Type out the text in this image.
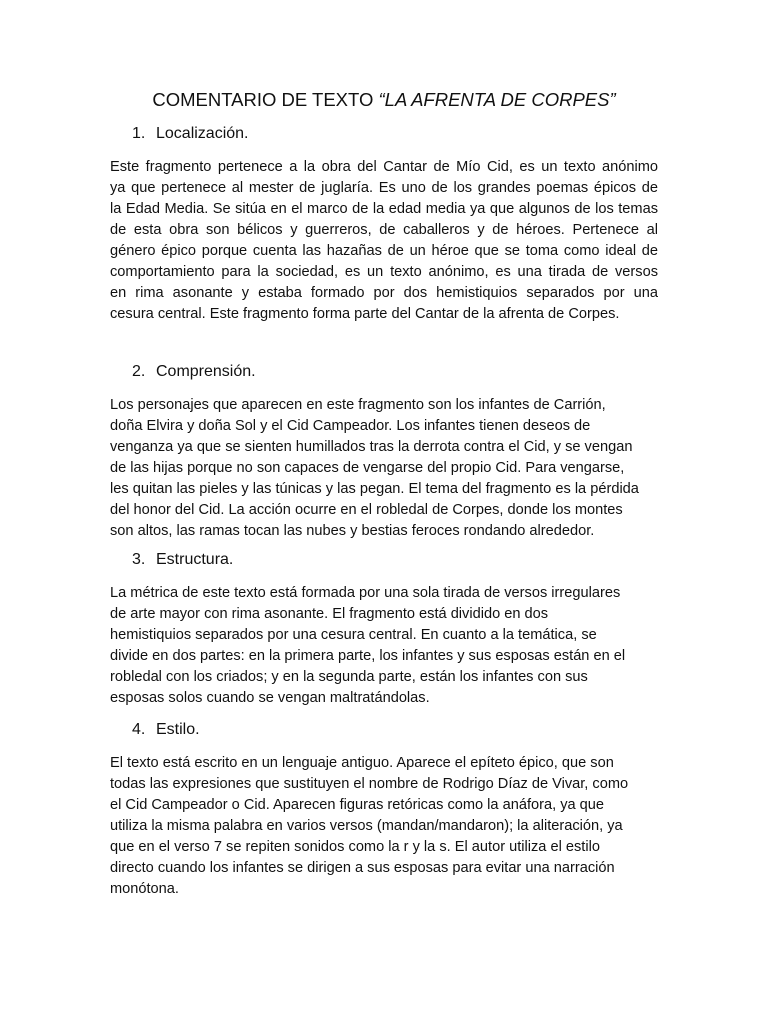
COMENTARIO DE TEXTO “LA AFRENTA DE CORPES”
1. Localización.
Este fragmento pertenece a la obra del Cantar de Mío Cid, es un texto anónimo
ya que pertenece al mester de juglaría. Es uno de los grandes poemas épicos de
la Edad Media. Se sitúa en el marco de la edad media ya que algunos de los temas
de esta obra son bélicos y guerreros, de caballeros y de héroes. Pertenece al
género épico porque cuenta las hazañas de un héroe que se toma como ideal de
comportamiento para la sociedad, es un texto anónimo, es una tirada de versos
en rima asonante y estaba formado por dos hemistiquios separados por una
cesura central. Este fragmento forma parte del Cantar de la afrenta de Corpes.
2. Comprensión.
Los personajes que aparecen en este fragmento son los infantes de Carrión,
doña Elvira y doña Sol y el Cid Campeador. Los infantes tienen deseos de
venganza ya que se sienten humillados tras la derrota contra el Cid, y se vengan
de las hijas porque no son capaces de vengarse del propio Cid. Para vengarse,
les quitan las pieles y las túnicas y las pegan. El tema del fragmento es la pérdida
del honor del Cid. La acción ocurre en el robledal de Corpes, donde los montes
son altos, las ramas tocan las nubes y bestias feroces rondando alrededor.
3. Estructura.
La métrica de este texto está formada por una sola tirada de versos irregulares
de arte mayor con rima asonante. El fragmento está dividido en dos
hemistiquios separados por una cesura central. En cuanto a la temática, se
divide en dos partes: en la primera parte, los infantes y sus esposas están en el
robledal con los criados; y en la segunda parte, están los infantes con sus
esposas solos cuando se vengan maltratándolas.
4. Estilo.
El texto está escrito en un lenguaje antiguo. Aparece el epíteto épico, que son
todas las expresiones que sustituyen el nombre de Rodrigo Díaz de Vivar, como
el Cid Campeador o Cid. Aparecen figuras retóricas como la anáfora, ya que
utiliza la misma palabra en varios versos (mandan/mandaron); la aliteración, ya
que en el verso 7 se repiten sonidos como la r y la s. El autor utiliza el estilo
directo cuando los infantes se dirigen a sus esposas para evitar una narración
monótona.
